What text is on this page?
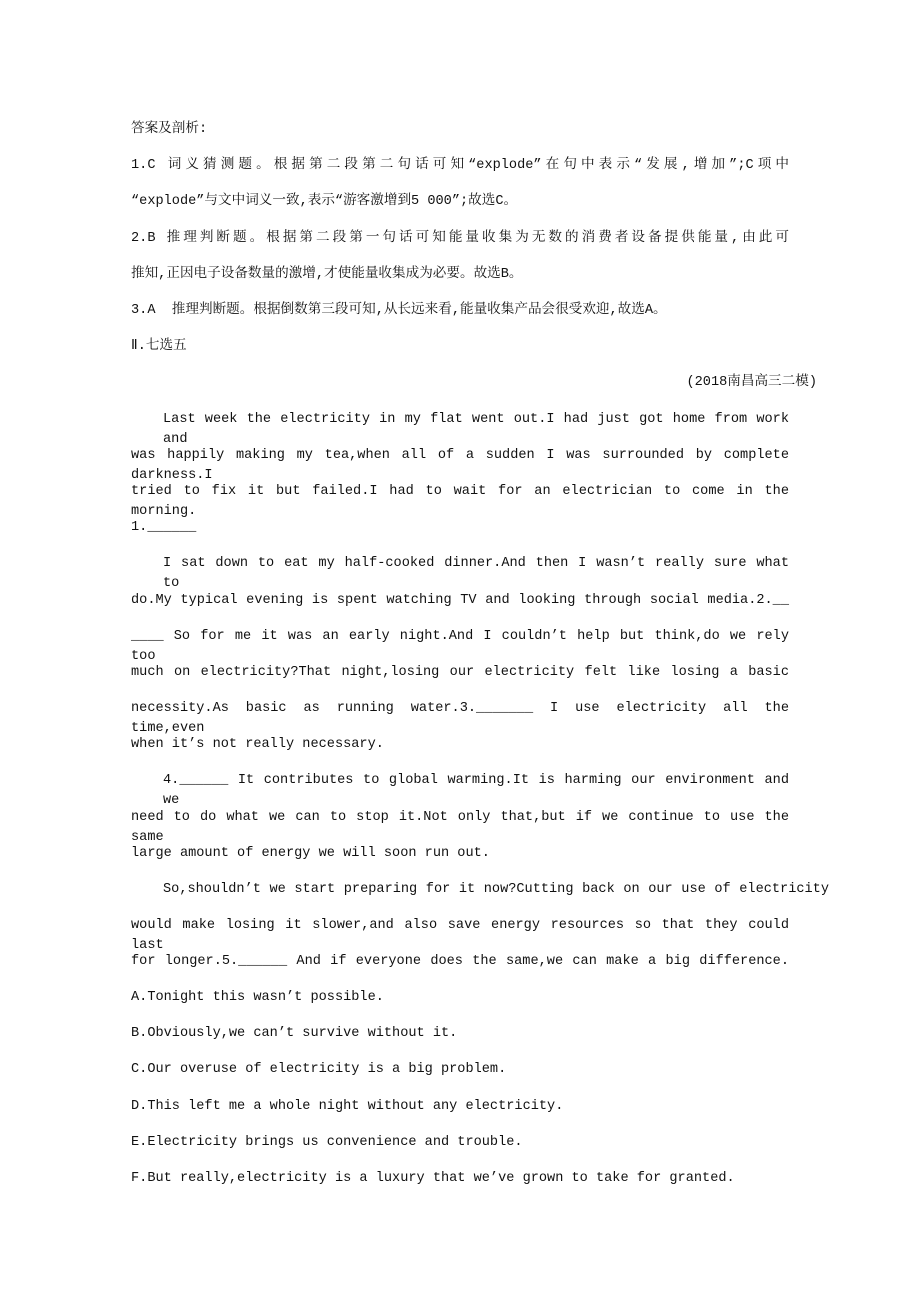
答案及剖析:
1.C 词义猜测题。根据第二段第二句话可知“explode”在句中表示“发展,增加”;C项中
“explode”与文中词义一致,表示“游客激增到5 000”;故选C。
2.B 推理判断题。根据第二段第一句话可知能量收集为无数的消费者设备提供能量,由此可
推知,正因电子设备数量的激增,才使能量收集成为必要。故选B。
3.A  推理判断题。根据倒数第三段可知,从长远来看,能量收集产品会很受欢迎,故选A。
Ⅱ.七选五
(2018南昌高三二模)
Last week the electricity in my flat went out.I had just got home from work and
was happily making my tea,when all of a sudden I was surrounded by complete darkness.I
tried to fix it but failed.I had to wait for an electrician to come in the morning.
1.______
I sat down to eat my half-cooked dinner.And then I wasn’t really sure what to
do.My typical evening is spent watching TV and looking through social media.2.__
____ So for me it was an early night.And I couldn’t help but think,do we rely too
much on electricity?That night,losing our electricity felt like losing a basic
necessity.As basic as running water.3._______ I use electricity all the time,even
when it’s not really necessary.
4.______ It contributes to global warming.It is harming our environment and we
need to do what we can to stop it.Not only that,but if we continue to use the same
large amount of energy we will soon run out.
So,shouldn’t we start preparing for it now?Cutting back on our use of electricity
would make losing it slower,and also save energy resources so that they could last
for longer.5.______ And if everyone does the same,we can make a big difference.
A.Tonight this wasn’t possible.
B.Obviously,we can’t survive without it.
C.Our overuse of electricity is a big problem.
D.This left me a whole night without any electricity.
E.Electricity brings us convenience and trouble.
F.But really,electricity is a luxury that we’ve grown to take for granted.
